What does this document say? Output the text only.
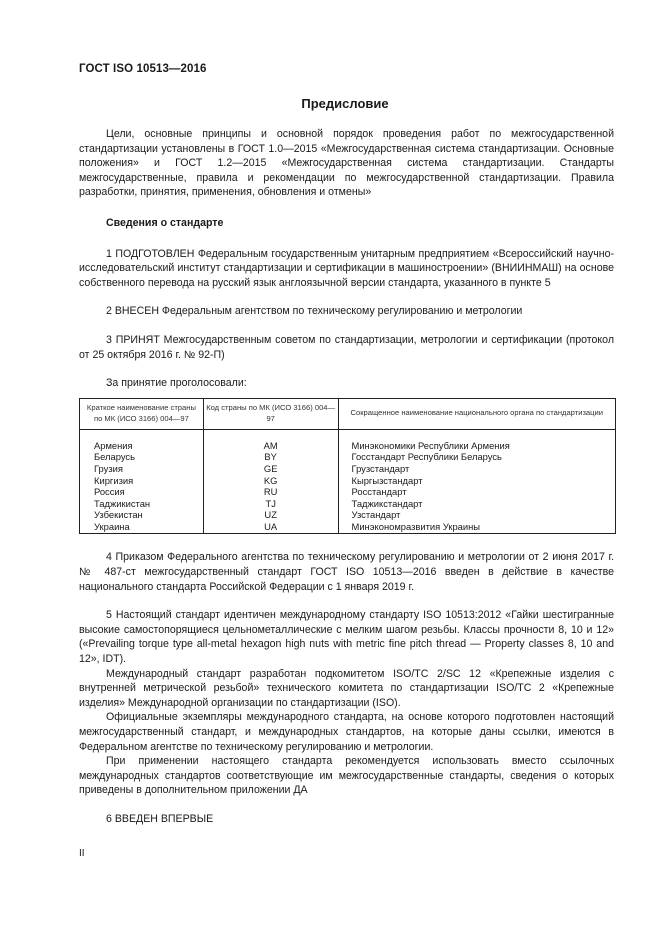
ГОСТ ISO 10513—2016
Предисловие

Цели, основные принципы и основной порядок проведения работ по межгосударственной стандартизации установлены в ГОСТ 1.0—2015 «Межгосударственная система стандартизации. Основные положения» и ГОСТ 1.2—2015 «Межгосударственная система стандартизации. Стандарты межгосударственные, правила и рекомендации по межгосударственной стандартизации. Правила разработки, принятия, применения, обновления и отмены»

Сведения о стандарте

1 ПОДГОТОВЛЕН Федеральным государственным унитарным предприятием «Всероссийский научно-исследовательский институт стандартизации и сертификации в машиностроении» (ВНИИНМАШ) на основе собственного перевода на русский язык англоязычной версии стандарта, указанного в пункте 5

2 ВНЕСЕН Федеральным агентством по техническому регулированию и метрологии

3 ПРИНЯТ Межгосударственным советом по стандартизации, метрологии и сертификации (протокол от 25 октября 2016 г. № 92-П)

За принятие проголосовали:

Краткое наименование страны по МК (ИСО 3166) 004—97	Код страны по МК (ИСО 3166) 004—97	Сокращенное наименование национального органа по стандартизации
Армения	AM	Минэкономики Республики Армения
Беларусь	BY	Госстандарт Республики Беларусь
Грузия	GE	Грузстандарт
Киргизия	KG	Кыргызстандарт
Россия	RU	Росстандарт
Таджикистан	TJ	Таджикстандарт
Узбекистан	UZ	Узстандарт
Украина	UA	Минэкономразвития Украины

4 Приказом Федерального агентства по техническому регулированию и метрологии от 2 июня 2017 г. № 487-ст межгосударственный стандарт ГОСТ ISO 10513—2016 введен в действие в качестве национального стандарта Российской Федерации с 1 января 2019 г.

5 Настоящий стандарт идентичен международному стандарту ISO 10513:2012 «Гайки шестигранные высокие самостопорящиеся цельнометаллические с мелким шагом резьбы. Классы прочности 8, 10 и 12» («Prevailing torque type all-metal hexagon high nuts with metric fine pitch thread — Property classes 8, 10 and 12», IDT).

Международный стандарт разработан подкомитетом ISO/TC 2/SC 12 «Крепежные изделия с внутренней метрической резьбой» технического комитета по стандартизации ISO/TC 2 «Крепежные изделия» Международной организации по стандартизации (ISO).

Официальные экземпляры международного стандарта, на основе которого подготовлен настоящий межгосударственный стандарт, и международных стандартов, на которые даны ссылки, имеются в Федеральном агентстве по техническому регулированию и метрологии.

При применении настоящего стандарта рекомендуется использовать вместо ссылочных международных стандартов соответствующие им межгосударственные стандарты, сведения о которых приведены в дополнительном приложении ДА

6 ВВЕДЕН ВПЕРВЫЕ

II
